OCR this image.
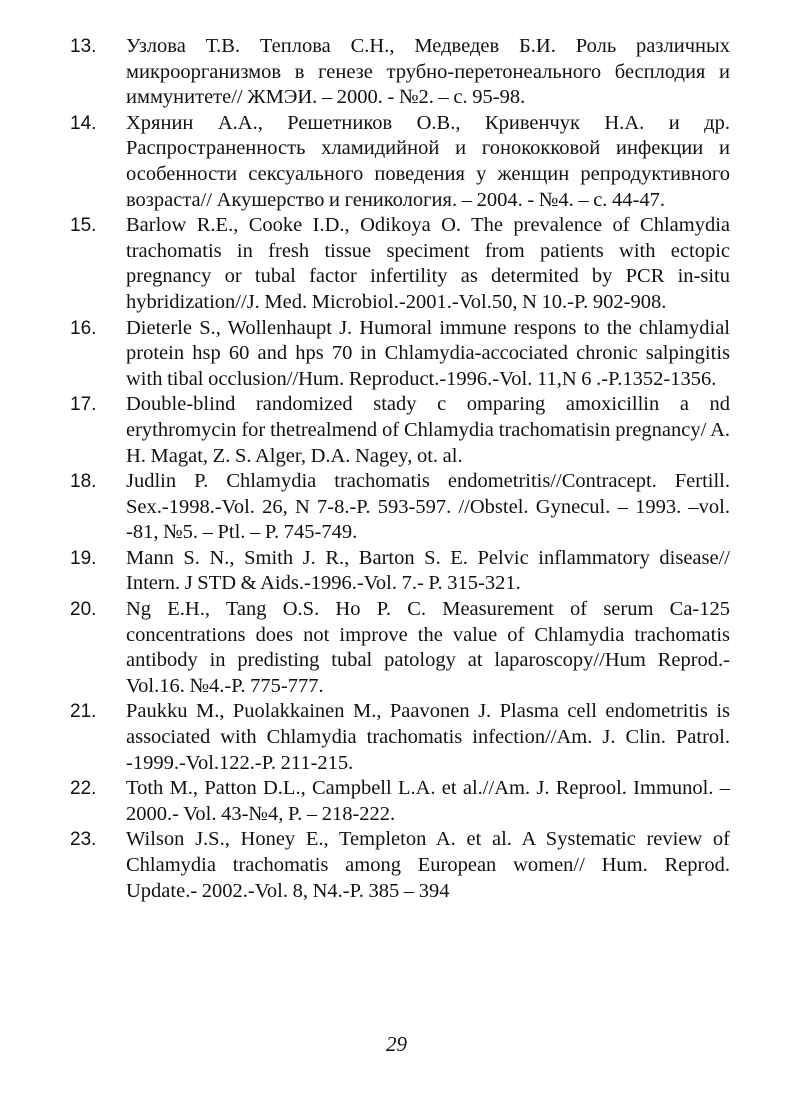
13.	Узлова Т.В. Теплова С.Н., Медведев Б.И. Роль различных микроорганизмов в генезе трубно-перетонеального бесплодия и иммунитете// ЖМЭИ. – 2000. - №2. – с. 95-98.
14.	Хрянин А.А., Решетников О.В., Кривенчук Н.А. и др. Распространенность хламидийной и гонококковой инфекции и особенности сексуального поведения у женщин репродуктивного возраста// Акушерство и геникология. – 2004. - №4. – с. 44-47.
15.	Barlow R.E., Cooke I.D., Odikoya O. The prevalence of Chlamydia trachomatis in fresh tissue speciment from patients with ectopic pregnancy or tubal factor infertility as determited by PCR in-situ hybridization//J. Med. Microbiol.-2001.-Vol.50, N 10.-P. 902-908.
16.	Dieterle S., Wollenhaupt J. Humoral immune respons to the chlamydial protein hsp 60 and hps 70 in Chlamydia-accociated chronic salpingitis with tibal occlusion//Hum. Reproduct.-1996.-Vol. 11,N 6 .-P.1352-1356.
17.	Double-blind randomized stady c omparing amoxicillin a nd erythromycin for thetrealmend of Chlamydia trachomatisin pregnancy/ A. H. Magat, Z. S. Alger, D.A. Nagey, ot. al.
18.	Judlin P. Chlamydia trachomatis endometritis//Contracept. Fertill. Sex.-1998.-Vol. 26, N 7-8.-P. 593-597. //Obstel. Gynecul. – 1993. –vol. -81, №5. – Ptl. – P. 745-749.
19.	Mann S. N., Smith J. R., Barton S. E. Pelvic inflammatory disease// Intern. J STD & Aids.-1996.-Vol. 7.- P. 315-321.
20.	Ng E.H., Tang O.S. Ho P. C. Measurement of serum Ca-125 concentrations does not improve the value of Chlamydia trachomatis antibody in predisting tubal patology at laparoscopy//Hum Reprod.-Vol.16. №4.-P. 775-777.
21.	Paukku M., Puolakkainen M., Paavonen J. Plasma cell endometritis is associated with Chlamydia trachomatis infection//Am. J. Clin. Patrol. -1999.-Vol.122.-P. 211-215.
22.	Toth M., Patton D.L., Campbell L.A. et al.//Am. J. Reprool. Immunol. – 2000.- Vol. 43-№4, P. – 218-222.
23.	Wilson J.S., Honey E., Templeton A. et al. A Systematic review of Chlamydia trachomatis among European women// Hum. Reprod. Update.- 2002.-Vol. 8, N4.-P. 385 – 394
29
